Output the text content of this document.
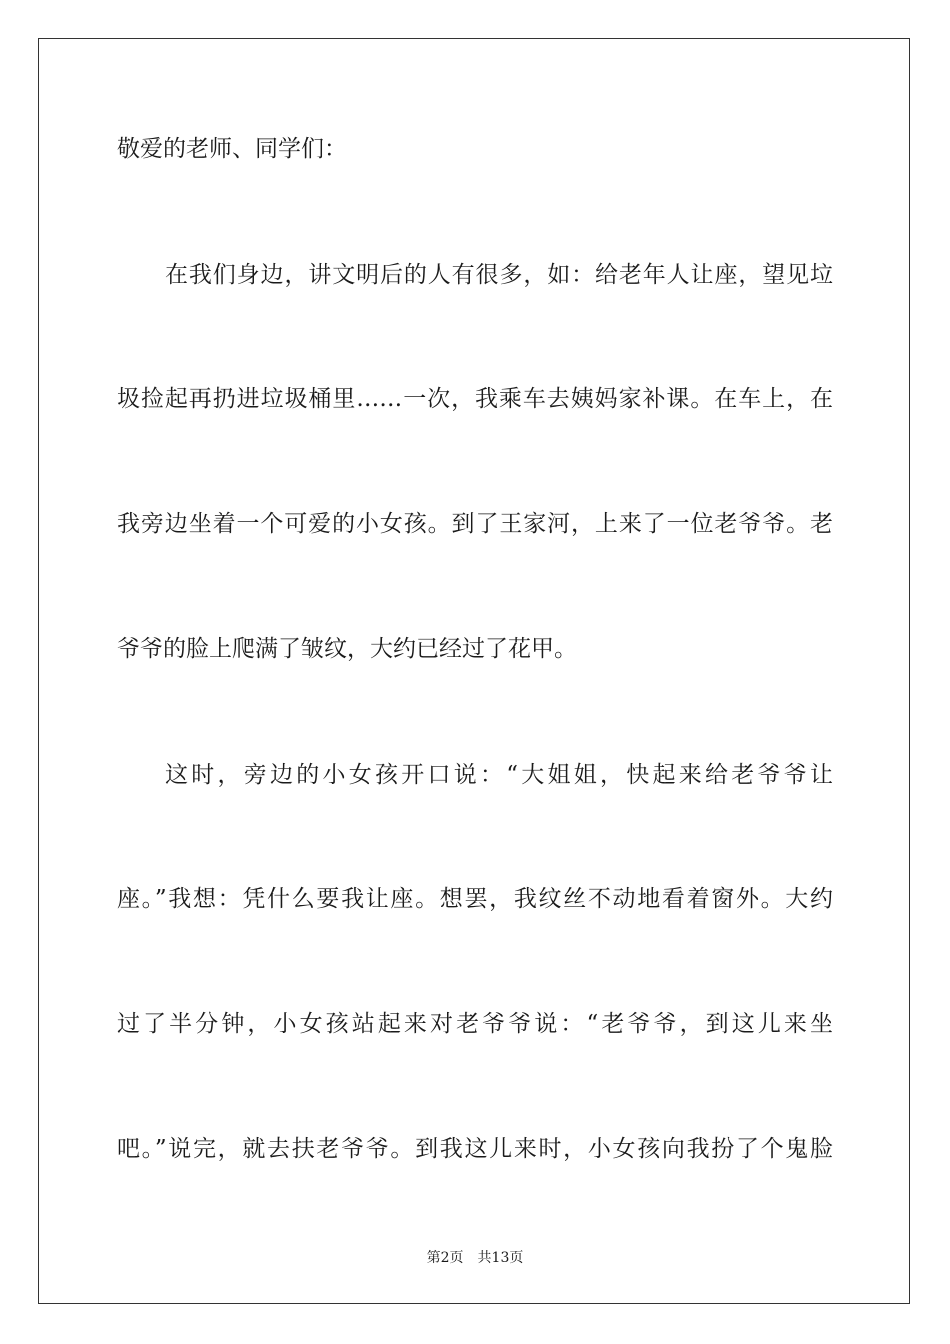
敬爱的老师、同学们：
在我们身边，讲文明后的人有很多，如：给老年人让座，望见垃
圾捡起再扔进垃圾桶里……一次，我乘车去姨妈家补课。在车上，在
我旁边坐着一个可爱的小女孩。到了王家河，上来了一位老爷爷。老
爷爷的脸上爬满了皱纹，大约已经过了花甲。
这时，旁边的小女孩开口说：“大姐姐，快起来给老爷爷让
座。”我想：凭什么要我让座。想罢，我纹丝不动地看着窗外。大约
过了半分钟，小女孩站起来对老爷爷说：“老爷爷，到这儿来坐
吧。”说完，就去扶老爷爷。到我这儿来时，小女孩向我扮了个鬼脸
第2页　共13页
